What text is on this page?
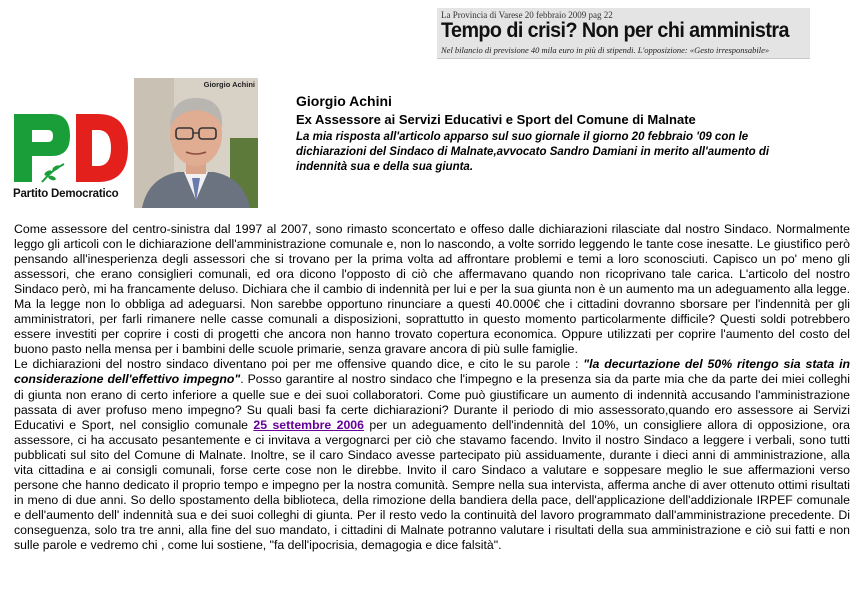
La Provincia di Varese 20 febbraio 2009 pag 22
Tempo di crisi? Non per chi amministra
Nel bilancio di previsione 40 mila euro in più di stipendi. L'opposizione: «Gesto irresponsabile»
Partito Democratico
Giorgio Achini
Giorgio Achini
Ex Assessore ai Servizi Educativi e Sport del Comune di Malnate

La mia risposta all'articolo apparso sul suo giornale il giorno 20 febbraio '09 con le dichiarazioni del Sindaco di Malnate,avvocato Sandro Damiani in merito all'aumento di indennità sua e della sua giunta.

Come assessore del centro-sinistra dal 1997 al 2007, sono rimasto sconcertato e offeso dalle dichiarazioni rilasciate dal nostro Sindaco. Normalmente leggo gli articoli con le dichiarazione dell'amministrazione comunale e, non lo nascondo, a volte sorrido leggendo le tante cose inesatte. Le giustifico però pensando all'inesperienza degli assessori che si trovano per la prima volta ad affrontare problemi e temi a loro sconosciuti. Capisco un po' meno gli assessori, che erano consiglieri comunali, ed ora dicono l'opposto di ciò che affermavano quando non ricoprivano tale carica. L'articolo del nostro Sindaco però, mi ha francamente deluso. Dichiara che il cambio di indennità per lui e per la sua giunta non è un aumento ma un adeguamento alla legge. Ma la legge non lo obbliga ad adeguarsi. Non sarebbe opportuno rinunciare a questi 40.000€ che i cittadini dovranno sborsare per l'indennità per gli amministratori, per farli rimanere nelle casse comunali a disposizioni, soprattutto in questo momento particolarmente difficile? Questi soldi potrebbero essere investiti per coprire i costi di progetti che ancora non hanno trovato copertura economica. Oppure utilizzati per coprire l'aumento del costo del buono pasto nella mensa per i bambini delle scuole primarie, senza gravare ancora di più sulle famiglie.

Le dichiarazioni del nostro sindaco diventano poi per me offensive quando dice, e cito le su parole : "la decurtazione del 50% ritengo sia stata in considerazione dell'effettivo impegno". Posso garantire al nostro sindaco che l'impegno e la presenza sia da parte mia che da parte dei miei colleghi di giunta non erano di certo inferiore a quelle sue e dei suoi collaboratori. Come può giustificare un aumento di indennità accusando l'amministrazione passata di aver profuso meno impegno? Su quali basi fa certe dichiarazioni? Durante il periodo di mio assessorato,quando ero assessore ai Servizi Educativi e Sport, nel consiglio comunale 25 settembre 2006 per un adeguamento dell'indennità del 10%, un consigliere allora di opposizione, ora assessore, ci ha accusato pesantemente e ci invitava a vergognarci per ciò che stavamo facendo. Invito il nostro Sindaco a leggere i verbali, sono tutti pubblicati sul sito del Comune di Malnate. Inoltre, se il caro Sindaco avesse partecipato più assiduamente, durante i dieci anni di amministrazione, alla vita cittadina e ai consigli comunali, forse certe cose non le direbbe. Invito il caro Sindaco a valutare e soppesare meglio le sue affermazioni verso persone che hanno dedicato il proprio tempo e impegno per la nostra comunità. Sempre nella sua intervista, afferma anche di aver ottenuto ottimi risultati in meno di due anni. So dello spostamento della biblioteca, della rimozione della bandiera della pace, dell'applicazione dell'addizionale IRPEF comunale e dell'aumento dell' indennità sua e dei suoi colleghi di giunta. Per il resto vedo la continuità del lavoro programmato dall'amministrazione precedente. Di conseguenza, solo tra tre anni, alla fine del suo mandato, i cittadini di Malnate potranno valutare i risultati della sua amministrazione e ciò sui fatti e non sulle parole e vedremo chi , come lui sostiene, "fa dell'ipocrisia, demagogia e dice falsità".
